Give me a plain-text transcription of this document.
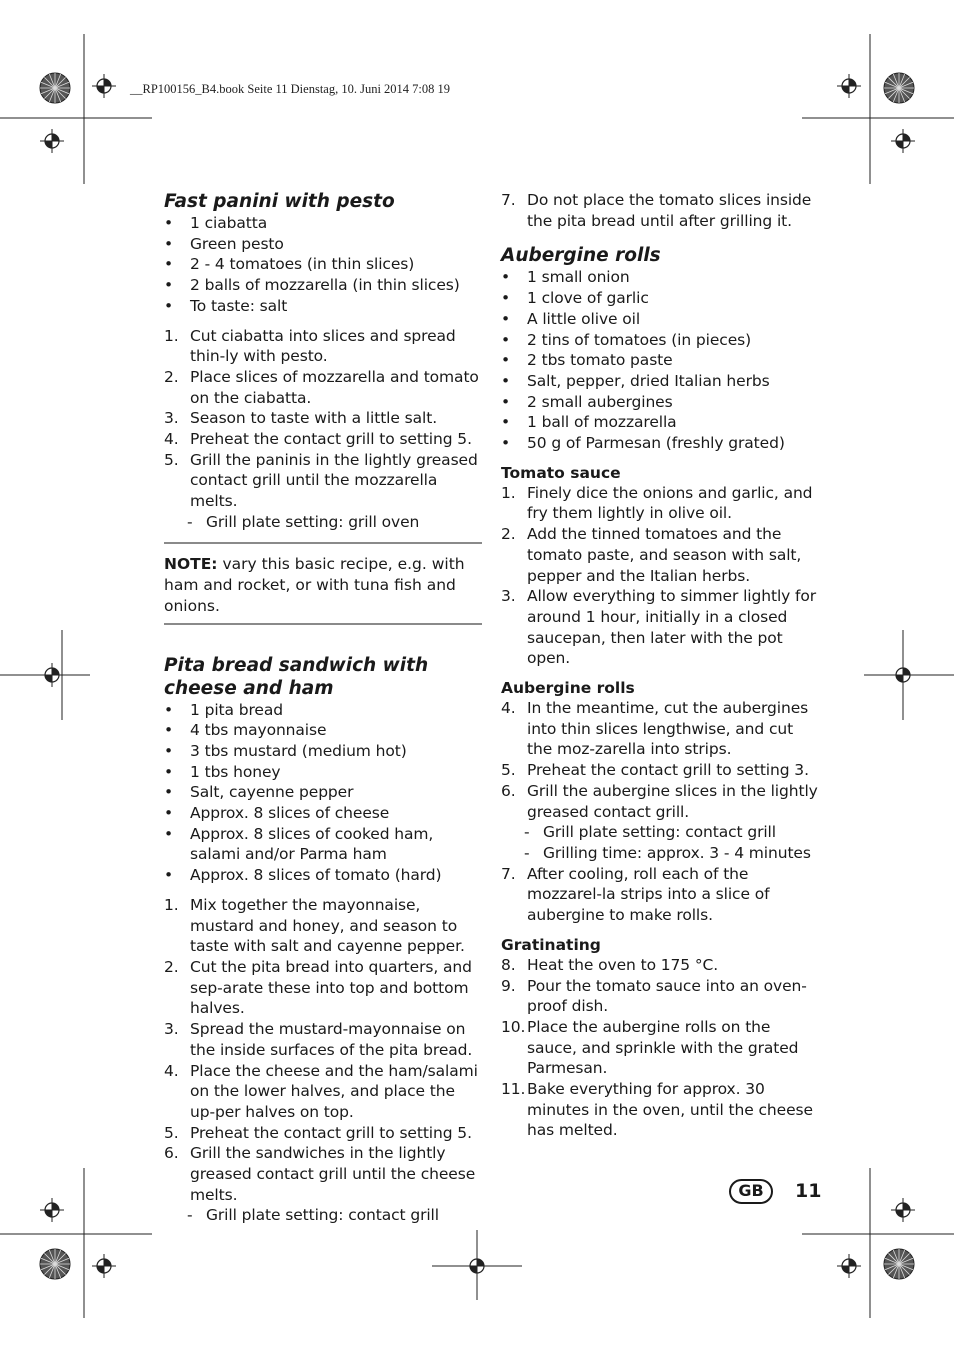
__RP100156_B4.book Seite 11 Dienstag, 10. Juni 2014 7:08 19
Fast panini with pesto
• 1 ciabatta
• Green pesto
• 2 - 4 tomatoes (in thin slices)
• 2 balls of mozzarella (in thin slices)
• To taste: salt
1. Cut ciabatta into slices and spread thin-ly with pesto.
2. Place slices of mozzarella and tomato on the ciabatta.
3. Season to taste with a little salt.
4. Preheat the contact grill to setting 5.
5. Grill the paninis in the lightly greased contact grill until the mozzarella melts.
- Grill plate setting: grill oven
NOTE: vary this basic recipe, e.g. with ham and rocket, or with tuna fish and onions.
Pita bread sandwich with cheese and ham
• 1 pita bread
• 4 tbs mayonnaise
• 3 tbs mustard (medium hot)
• 1 tbs honey
• Salt, cayenne pepper
• Approx. 8 slices of cheese
• Approx. 8 slices of cooked ham, salami and/or Parma ham
• Approx. 8 slices of tomato (hard)
1. Mix together the mayonnaise, mustard and honey, and season to taste with salt and cayenne pepper.
2. Cut the pita bread into quarters, and sep-arate these into top and bottom halves.
3. Spread the mustard-mayonnaise on the inside surfaces of the pita bread.
4. Place the cheese and the ham/salami on the lower halves, and place the up-per halves on top.
5. Preheat the contact grill to setting 5.
6. Grill the sandwiches in the lightly greased contact grill until the cheese melts.
- Grill plate setting: contact grill
7. Do not place the tomato slices inside the pita bread until after grilling it.
Aubergine rolls
• 1 small onion
• 1 clove of garlic
• A little olive oil
• 2 tins of tomatoes (in pieces)
• 2 tbs tomato paste
• Salt, pepper, dried Italian herbs
• 2 small aubergines
• 1 ball of mozzarella
• 50 g of Parmesan (freshly grated)
Tomato sauce
1. Finely dice the onions and garlic, and fry them lightly in olive oil.
2. Add the tinned tomatoes and the tomato paste, and season with salt, pepper and the Italian herbs.
3. Allow everything to simmer lightly for around 1 hour, initially in a closed saucepan, then later with the pot open.
Aubergine rolls
4. In the meantime, cut the aubergines into thin slices lengthwise, and cut the moz-zarella into strips.
5. Preheat the contact grill to setting 3.
6. Grill the aubergine slices in the lightly greased contact grill.
- Grill plate setting: contact grill
- Grilling time: approx. 3 - 4 minutes
7. After cooling, roll each of the mozzarel-la strips into a slice of aubergine to make rolls.
Gratinating
8. Heat the oven to 175 °C.
9. Pour the tomato sauce into an oven-proof dish.
10. Place the aubergine rolls on the sauce, and sprinkle with the grated Parmesan.
11. Bake everything for approx. 30 minutes in the oven, until the cheese has melted.
GB	11
